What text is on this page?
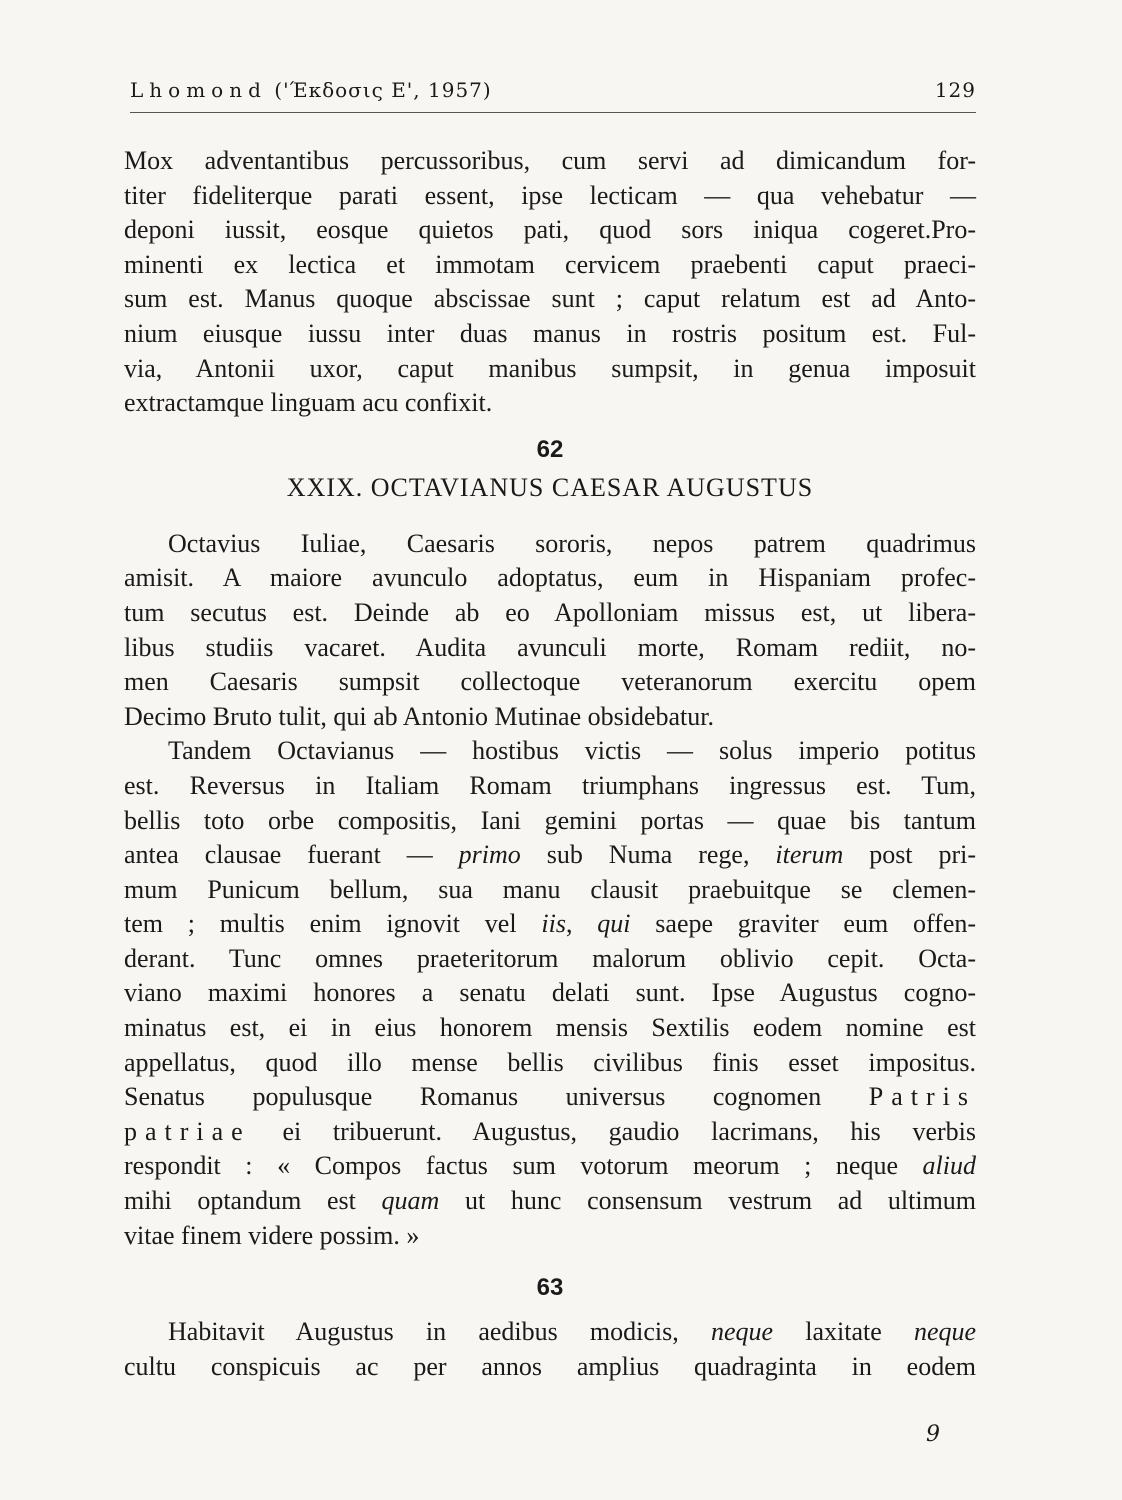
Lhomond ('Έκδοσις Ε', 1957)	129
Mox adventantibus percussoribus, cum servi ad dimicandum for-
titer fideliterque parati essent, ipse lecticam — qua vehebatur —
deponi iussit, eosque quietos pati, quod sors iniqua cogeret.Pro-
minenti ex lectica et immotam cervicem praebenti caput praeci-
sum est. Manus quoque abscissae sunt ; caput relatum est ad Anto-
nium eiusque iussu inter duas manus in rostris positum est. Ful-
via, Antonii uxor, caput manibus sumpsit, in genua imposuit
extractamque linguam acu confixit.
62
XXIX. OCTAVIANUS CAESAR AUGUSTUS
Octavius Iuliae, Caesaris sororis, nepos patrem quadrimus
amisit. A maiore avunculo adoptatus, eum in Hispaniam profec-
tum secutus est. Deinde ab eo Apolloniam missus est, ut libera-
libus studiis vacaret. Audita avunculi morte, Romam rediit, no-
men Caesaris sumpsit collectoque veteranorum exercitu opem
Decimo Bruto tulit, qui ab Antonio Mutinae obsidebatur.
Tandem Octavianus — hostibus victis — solus imperio potitus
est. Reversus in Italiam Romam triumphans ingressus est. Tum,
bellis toto orbe compositis, Iani gemini portas — quae bis tantum
antea clausae fuerant — primo sub Numa rege, iterum post pri-
mum Punicum bellum, sua manu clausit praebuitque se clemen-
tem ; multis enim ignovit vel iis, qui saepe graviter eum offen-
derant. Tunc omnes praeteritorum malorum oblivio cepit. Octa-
viano maximi honores a senatu delati sunt. Ipse Augustus cogno-
minatus est, ei in eius honorem mensis Sextilis eodem nomine est
appellatus, quod illo mense bellis civilibus finis esset impositus.
Senatus populusque Romanus universus cognomen Patris
patriae ei tribuerunt. Augustus, gaudio lacrimans, his verbis
respondit : « Compos factus sum votorum meorum ; neque aliud
mihi optandum est quam ut hunc consensum vestrum ad ultimum
vitae finem videre possim. »
63
Habitavit Augustus in aedibus modicis, neque laxitate neque
cultu conspicuis ac per annos amplius quadraginta in eodem
9
